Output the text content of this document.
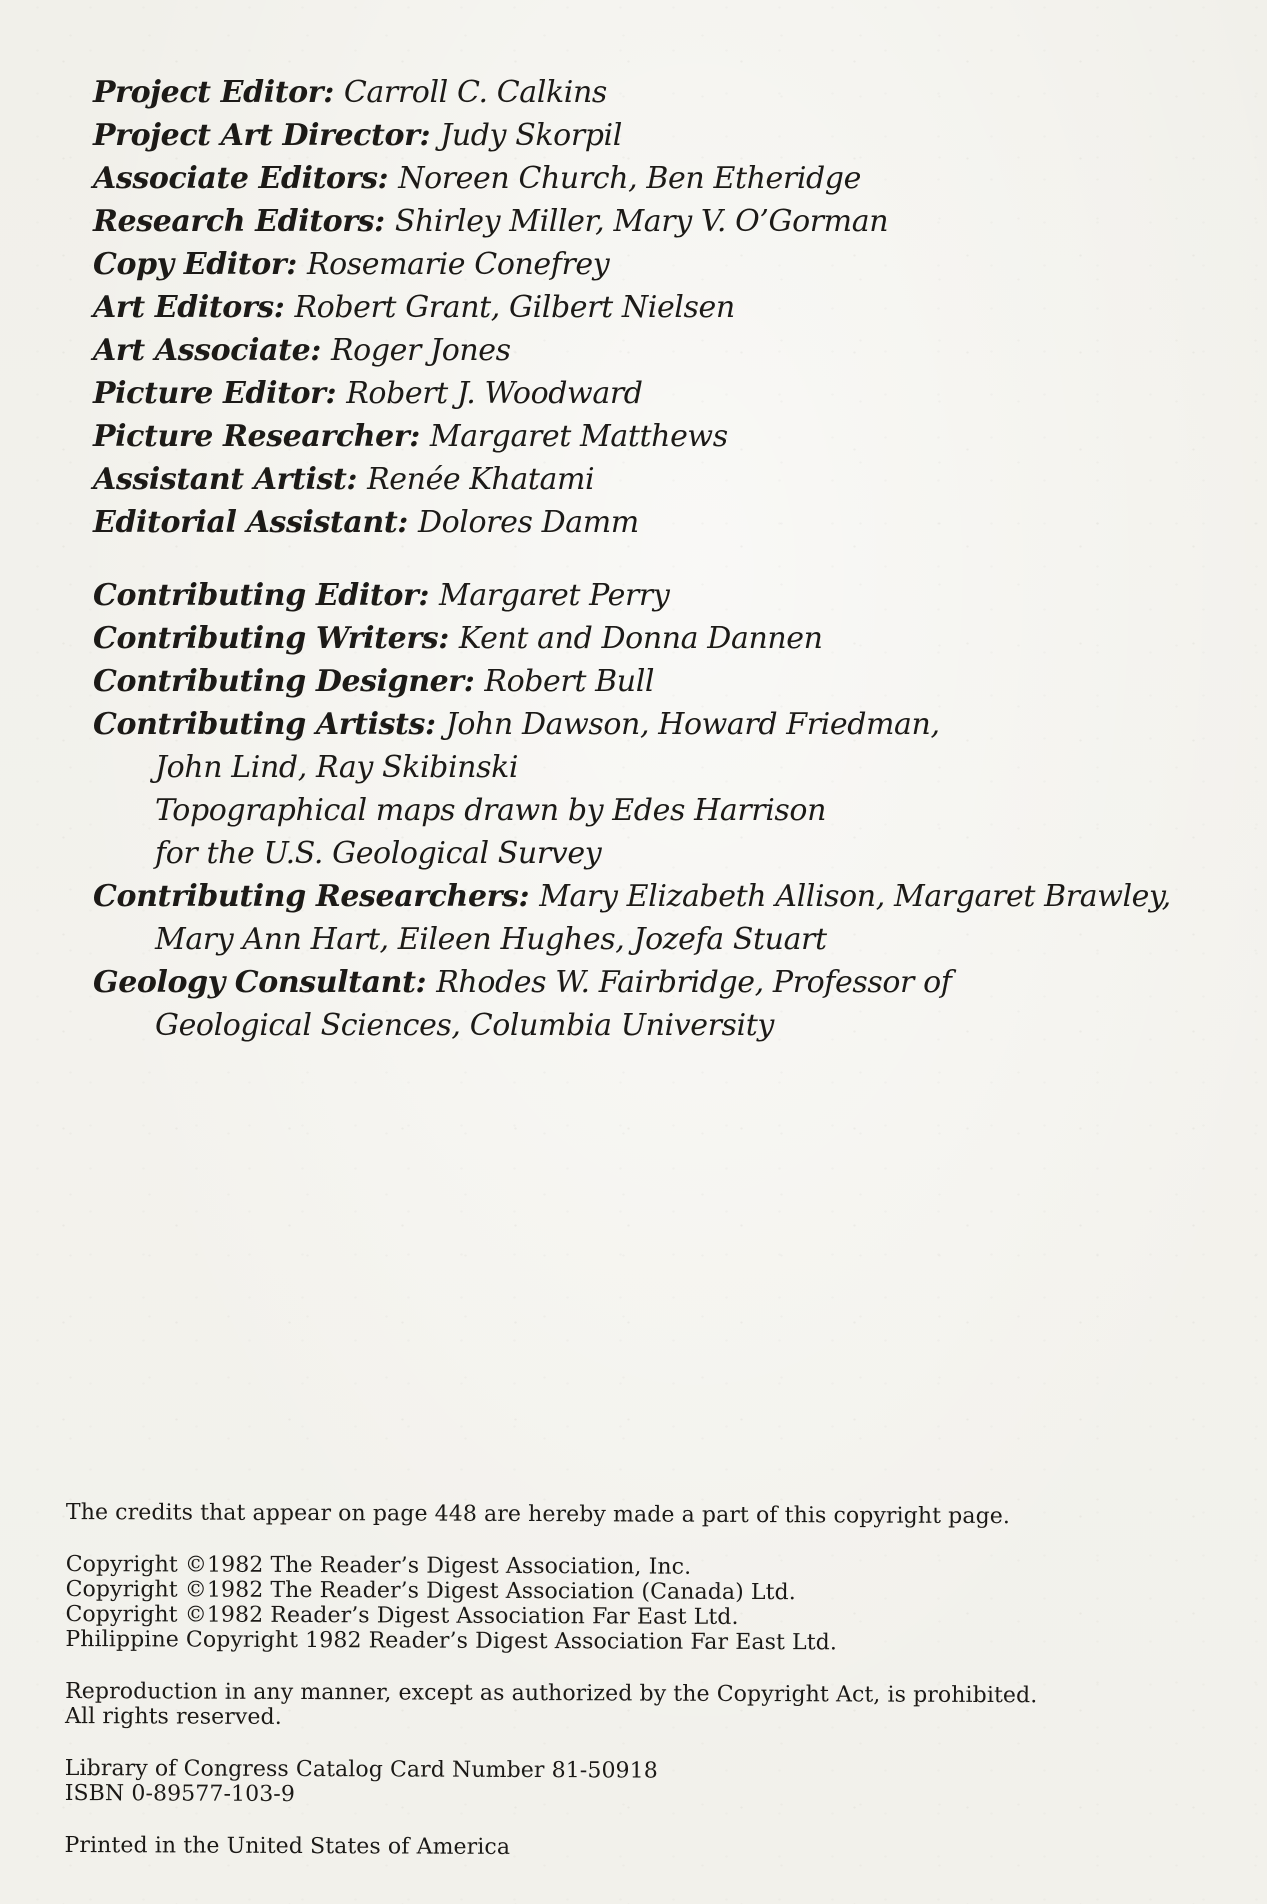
Project Editor: Carroll C. Calkins
Project Art Director: Judy Skorpil
Associate Editors: Noreen Church, Ben Etheridge
Research Editors: Shirley Miller, Mary V. O’Gorman
Copy Editor: Rosemarie Conefrey
Art Editors: Robert Grant, Gilbert Nielsen
Art Associate: Roger Jones
Picture Editor: Robert J. Woodward
Picture Researcher: Margaret Matthews
Assistant Artist: Renée Khatami
Editorial Assistant: Dolores Damm
Contributing Editor: Margaret Perry
Contributing Writers: Kent and Donna Dannen
Contributing Designer: Robert Bull
Contributing Artists: John Dawson, Howard Friedman,
John Lind, Ray Skibinski
Topographical maps drawn by Edes Harrison
for the U.S. Geological Survey
Contributing Researchers: Mary Elizabeth Allison, Margaret Brawley,
Mary Ann Hart, Eileen Hughes, Jozefa Stuart
Geology Consultant: Rhodes W. Fairbridge, Professor of
Geological Sciences, Columbia University

The credits that appear on page 448 are hereby made a part of this copyright page.

Copyright ©1982 The Reader’s Digest Association, Inc.
Copyright ©1982 The Reader’s Digest Association (Canada) Ltd.
Copyright ©1982 Reader’s Digest Association Far East Ltd.
Philippine Copyright 1982 Reader’s Digest Association Far East Ltd.

Reproduction in any manner, except as authorized by the Copyright Act, is prohibited.
All rights reserved.

Library of Congress Catalog Card Number 81-50918
ISBN 0-89577-103-9

Printed in the United States of America
